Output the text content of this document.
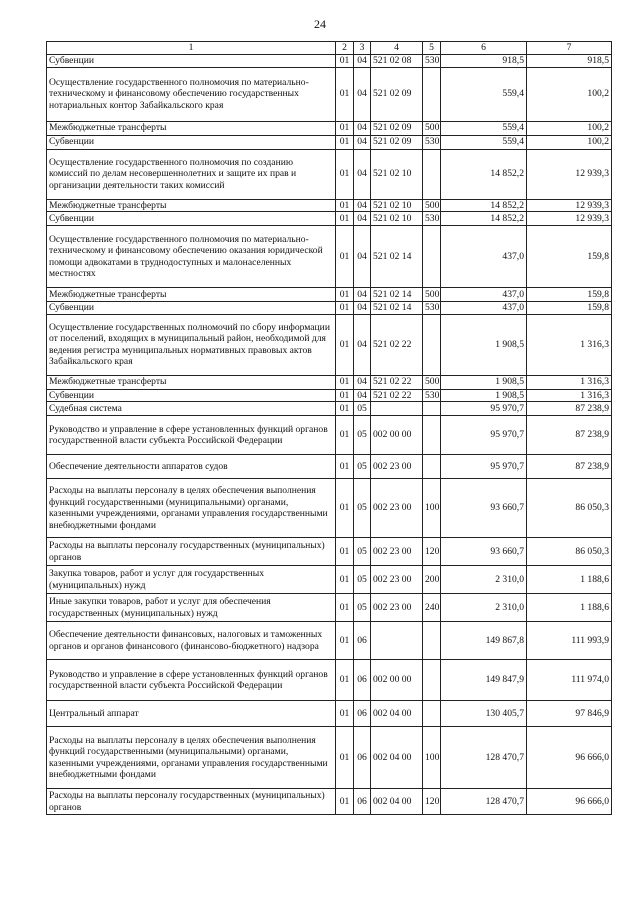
24
1	2	3	4	5	6	7
Субвенции	01	04	521 02 08	530	918,5	918,5
Осуществление государственного полномочия по материально-техническому и финансовому обеспечению государственных нотариальных контор Забайкальского края	01	04	521 02 09		559,4	100,2
Межбюджетные трансферты	01	04	521 02 09	500	559,4	100,2
Субвенции	01	04	521 02 09	530	559,4	100,2
Осуществление государственного полномочия по созданию комиссий по делам несовершеннолетних и защите их прав и организации деятельности таких комиссий	01	04	521 02 10		14 852,2	12 939,3
Межбюджетные трансферты	01	04	521 02 10	500	14 852,2	12 939,3
Субвенции	01	04	521 02 10	530	14 852,2	12 939,3
Осуществление государственного полномочия по материально-техническому и финансовому обеспечению оказания юридической помощи адвокатами в труднодоступных и малонаселенных местностях	01	04	521 02 14		437,0	159,8
Межбюджетные трансферты	01	04	521 02 14	500	437,0	159,8
Субвенции	01	04	521 02 14	530	437,0	159,8
Осуществление государственных полномочий по сбору информации от поселений, входящих в муниципальный район, необходимой для ведения регистра муниципальных нормативных правовых актов Забайкальского края	01	04	521 02 22		1 908,5	1 316,3
Межбюджетные трансферты	01	04	521 02 22	500	1 908,5	1 316,3
Субвенции	01	04	521 02 22	530	1 908,5	1 316,3
Судебная система	01	05			95 970,7	87 238,9
Руководство и управление в сфере установленных функций органов государственной власти субъекта Российской Федерации	01	05	002 00 00		95 970,7	87 238,9
Обеспечение деятельности аппаратов судов	01	05	002 23 00		95 970,7	87 238,9
Расходы на выплаты персоналу в целях обеспечения выполнения функций государственными (муниципальными) органами, казенными учреждениями, органами управления государственными внебюджетными фондами	01	05	002 23 00	100	93 660,7	86 050,3
Расходы на выплаты персоналу государственных (муниципальных) органов	01	05	002 23 00	120	93 660,7	86 050,3
Закупка товаров, работ и услуг для государственных (муниципальных) нужд	01	05	002 23 00	200	2 310,0	1 188,6
Иные закупки товаров, работ и услуг для обеспечения государственных (муниципальных) нужд	01	05	002 23 00	240	2 310,0	1 188,6
Обеспечение деятельности финансовых, налоговых и таможенных органов и органов финансового (финансово-бюджетного) надзора	01	06			149 867,8	111 993,9
Руководство и управление в сфере установленных функций органов государственной власти субъекта Российской Федерации	01	06	002 00 00		149 847,9	111 974,0
Центральный аппарат	01	06	002 04 00		130 405,7	97 846,9
Расходы на выплаты персоналу в целях обеспечения выполнения функций государственными (муниципальными) органами, казенными учреждениями, органами управления государственными внебюджетными фондами	01	06	002 04 00	100	128 470,7	96 666,0
Расходы на выплаты персоналу государственных (муниципальных) органов	01	06	002 04 00	120	128 470,7	96 666,0
